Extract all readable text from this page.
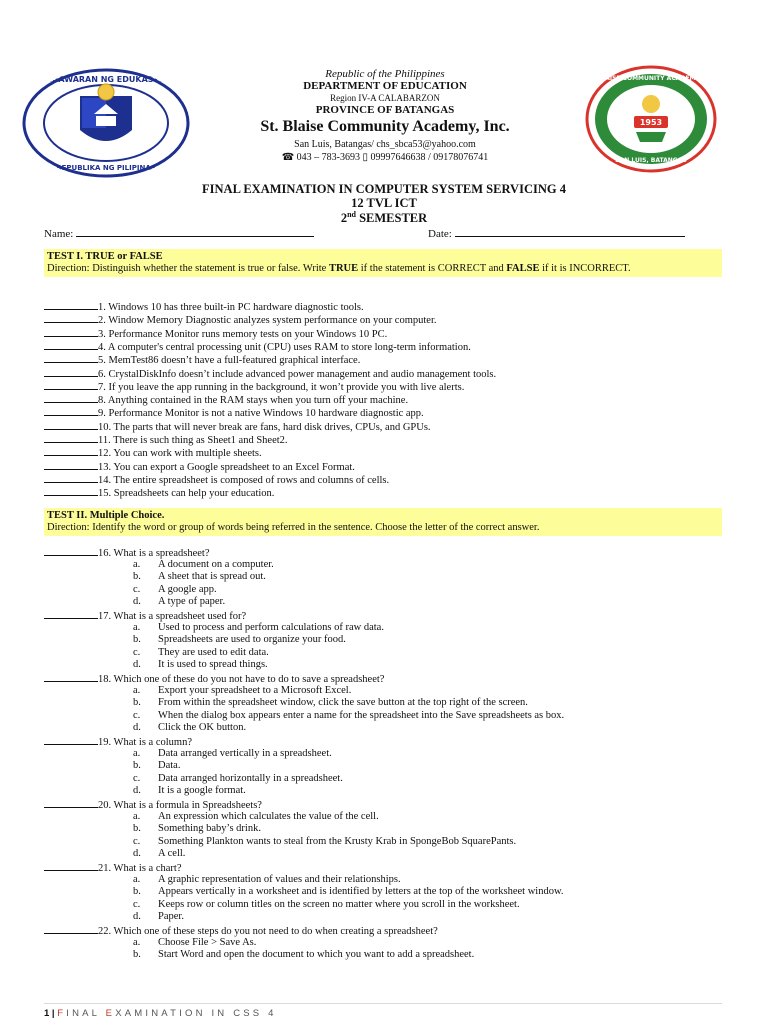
KAGAWARAN NG EDUKASYON
REPUBLIKA NG PILIPINAS
Republic of the Philippines
DEPARTMENT OF EDUCATION
Region IV-A CALABARZON
PROVINCE OF BATANGAS
St. Blaise Community Academy, Inc.
San Luis, Batangas/ chs_sbca53@yahoo.com
☎ 043 – 783-3693 ▯ 09997646638 / 09178076741
1953
ST. BLAISE COMMUNITY ACADEMY, INC.
SAN LUIS, BATANGAS
FINAL EXAMINATION IN COMPUTER SYSTEM SERVICING 4
12 TVL ICT
2nd SEMESTER
Name:	Date:
TEST I. TRUE or FALSE
Direction: Distinguish whether the statement is true or false. Write TRUE if the statement is CORRECT and FALSE if it is INCORRECT.
1. Windows 10 has three built-in PC hardware diagnostic tools.
2. Window Memory Diagnostic analyzes system performance on your computer.
3. Performance Monitor runs memory tests on your Windows 10 PC.
4. A computer's central processing unit (CPU) uses RAM to store long-term information.
5. MemTest86 doesn’t have a full-featured graphical interface.
6. CrystalDiskInfo doesn’t include advanced power management and audio management tools.
7. If you leave the app running in the background, it won’t provide you with live alerts.
8. Anything contained in the RAM stays when you turn off your machine.
9. Performance Monitor is not a native Windows 10 hardware diagnostic app.
10. The parts that will never break are fans, hard disk drives, CPUs, and GPUs.
11. There is such thing as Sheet1 and Sheet2.
12. You can work with multiple sheets.
13. You can export a Google spreadsheet to an Excel Format.
14. The entire spreadsheet is composed of rows and columns of cells.
15. Spreadsheets can help your education.
TEST II. Multiple Choice.
Direction: Identify the word or group of words being referred in the sentence. Choose the letter of the correct answer.
16. What is a spreadsheet?
a. A document on a computer.
b. A sheet that is spread out.
c. A google app.
d. A type of paper.
17. What is a spreadsheet used for?
a. Used to process and perform calculations of raw data.
b. Spreadsheets are used to organize your food.
c. They are used to edit data.
d. It is used to spread things.
18. Which one of these do you not have to do to save a spreadsheet?
a. Export your spreadsheet to a Microsoft Excel.
b. From within the spreadsheet window, click the save button at the top right of the screen.
c. When the dialog box appears enter a name for the spreadsheet into the Save spreadsheets as box.
d. Click the OK button.
19. What is a column?
a. Data arranged vertically in a spreadsheet.
b. Data.
c. Data arranged horizontally in a spreadsheet.
d. It is a google format.
20. What is a formula in Spreadsheets?
a. An expression which calculates the value of the cell.
b. Something baby’s drink.
c. Something Plankton wants to steal from the Krusty Krab in SpongeBob SquarePants.
d. A cell.
21. What is a chart?
a. A graphic representation of values and their relationships.
b. Appears vertically in a worksheet and is identified by letters at the top of the worksheet window.
c. Keeps row or column titles on the screen no matter where you scroll in the worksheet.
d. Paper.
22. Which one of these steps do you not need to do when creating a spreadsheet?
a. Choose File > Save As.
b. Start Word and open the document to which you want to add a spreadsheet.
1 | FINAL EXAMINATION IN CSS 4
